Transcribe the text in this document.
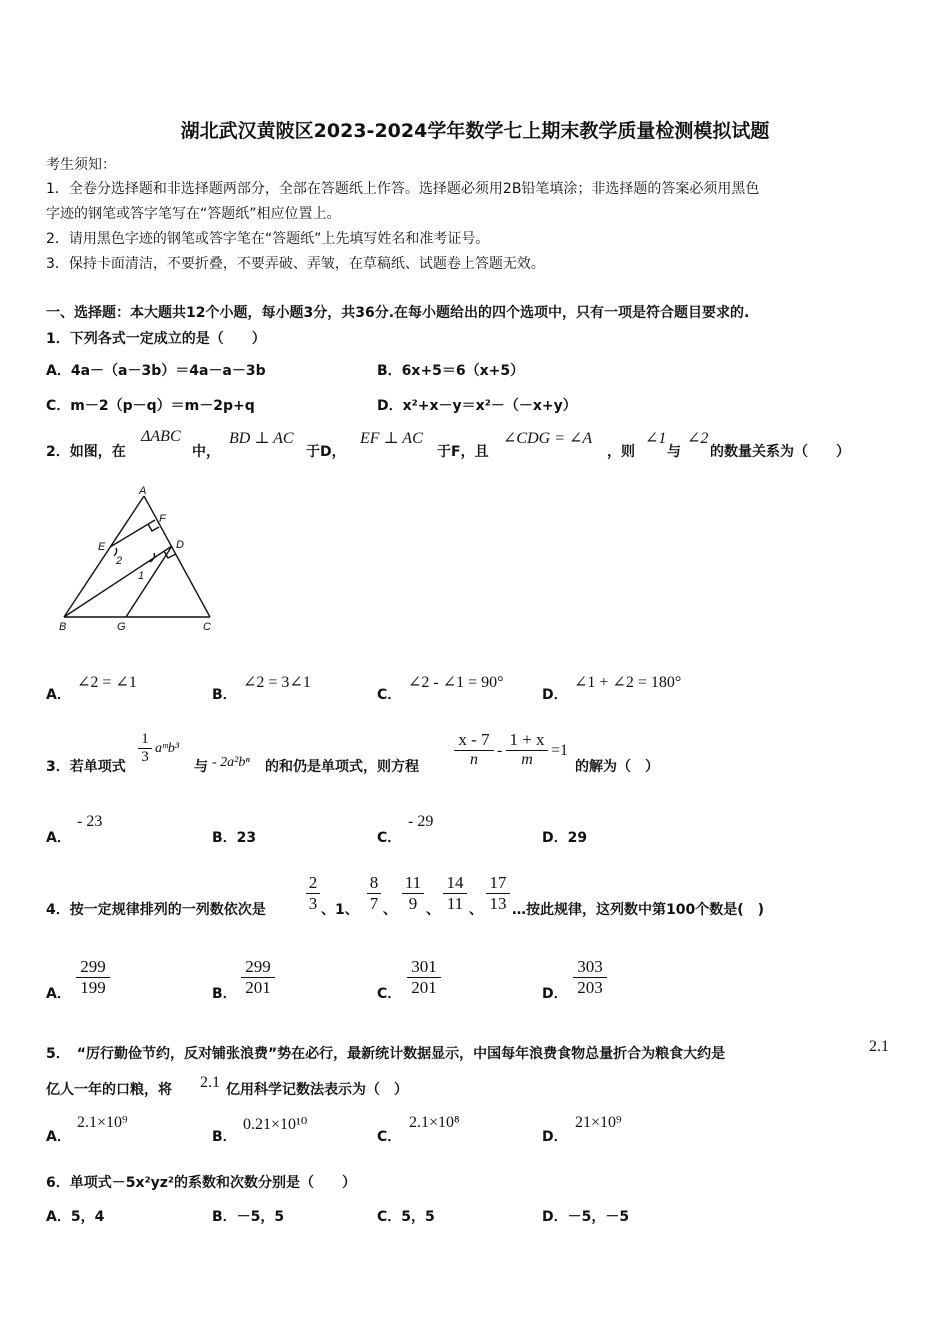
湖北武汉黄陂区2023-2024学年数学七上期末教学质量检测模拟试题
考生须知：
1．全卷分选择题和非选择题两部分，全部在答题纸上作答。选择题必须用2B铅笔填涂；非选择题的答案必须用黑色
字迹的钢笔或答字笔写在“答题纸”相应位置上。
2．请用黑色字迹的钢笔或答字笔在“答题纸”上先填写姓名和准考证号。
3．保持卡面清洁，不要折叠，不要弄破、弄皱，在草稿纸、试题卷上答题无效。
一、选择题：本大题共12个小题，每小题3分，共36分.在每小题给出的四个选项中，只有一项是符合题目要求的.
1．下列各式一定成立的是（　　）
A．4a－（a－3b）＝4a－a－3b	B．6x+5＝6（x+5）
C．m－2（p－q）＝m－2p+q	D．x²+x－y＝x²－（－x+y）
2．如图，在
ΔABC
中，
BD ⊥ AC
于D，
EF ⊥ AC
于F，且
∠CDG = ∠A
，则
∠1
与
∠2
的数量关系为（　　）
A
F
E	D
2
1
B	G	C
A．
∠2 = ∠1
B．
∠2 = 3∠1
C．
∠2 - ∠1 = 90°
D．
∠1 + ∠2 = 180°
3．若单项式
1
3
aᵐb³
与 - 2a²bⁿ 的和仍是单项式，则方程
x - 7
n
-
1 + x
m
=1
的解为（　）
A．
- 23
B．23	C．
- 29
D．29
4．按一定规律排列的一列数依次是
2
3 、1、
8
7 、
11
9 、
14
11 、
17
13 …按此规律，这列数中第100个数是(　)
A．
299
199	B．
299
201	C．
301
201	D．
303
203
5．　“厉行勤俭节约，反对铺张浪费”势在必行，最新统计数据显示，中国每年浪费食物总量折合为粮食大约是	2.1
亿人一年的口粮，将 2.1 亿用科学记数法表示为（　）
A．
2.1×10⁹
B．
0.21×10¹⁰
C．
2.1×10⁸
D．
21×10⁹
6．单项式－5x²yz²的系数和次数分别是（　　）
A．5，4	B．－5，5	C．5，5	D．－5，－5
